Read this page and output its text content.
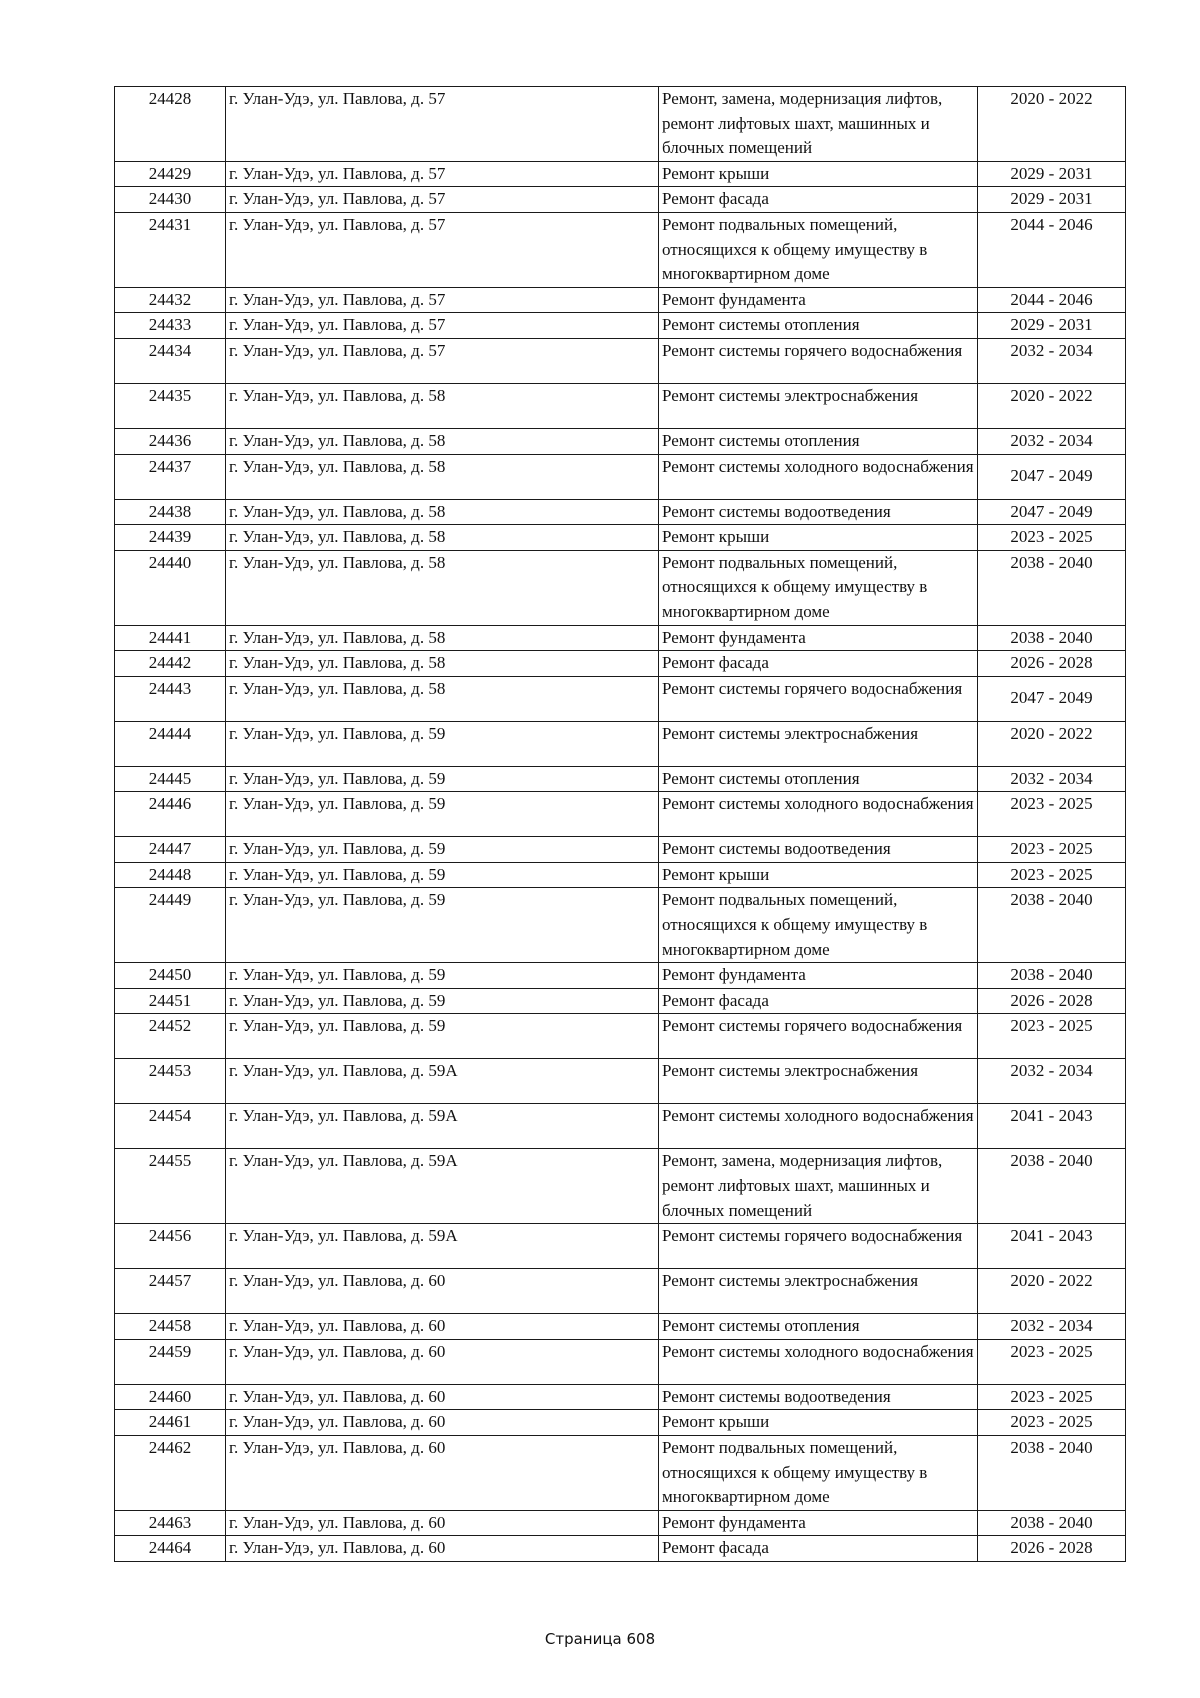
24428	г. Улан-Удэ, ул. Павлова, д. 57	Ремонт, замена, модернизация лифтов, ремонт лифтовых шахт, машинных и блочных помещений	2020 - 2022
24429	г. Улан-Удэ, ул. Павлова, д. 57	Ремонт крыши	2029 - 2031
24430	г. Улан-Удэ, ул. Павлова, д. 57	Ремонт фасада	2029 - 2031
24431	г. Улан-Удэ, ул. Павлова, д. 57	Ремонт подвальных помещений, относящихся к общему имуществу в многоквартирном доме	2044 - 2046
24432	г. Улан-Удэ, ул. Павлова, д. 57	Ремонт фундамента	2044 - 2046
24433	г. Улан-Удэ, ул. Павлова, д. 57	Ремонт системы отопления	2029 - 2031
24434	г. Улан-Удэ, ул. Павлова, д. 57	Ремонт системы горячего водоснабжения	2032 - 2034
24435	г. Улан-Удэ, ул. Павлова, д. 58	Ремонт системы электроснабжения	2020 - 2022
24436	г. Улан-Удэ, ул. Павлова, д. 58	Ремонт системы отопления	2032 - 2034
24437	г. Улан-Удэ, ул. Павлова, д. 58	Ремонт системы холодного водоснабжения	2047 - 2049
24438	г. Улан-Удэ, ул. Павлова, д. 58	Ремонт системы водоотведения	2047 - 2049
24439	г. Улан-Удэ, ул. Павлова, д. 58	Ремонт крыши	2023 - 2025
24440	г. Улан-Удэ, ул. Павлова, д. 58	Ремонт подвальных помещений, относящихся к общему имуществу в многоквартирном доме	2038 - 2040
24441	г. Улан-Удэ, ул. Павлова, д. 58	Ремонт фундамента	2038 - 2040
24442	г. Улан-Удэ, ул. Павлова, д. 58	Ремонт фасада	2026 - 2028
24443	г. Улан-Удэ, ул. Павлова, д. 58	Ремонт системы горячего водоснабжения	2047 - 2049
24444	г. Улан-Удэ, ул. Павлова, д. 59	Ремонт системы электроснабжения	2020 - 2022
24445	г. Улан-Удэ, ул. Павлова, д. 59	Ремонт системы отопления	2032 - 2034
24446	г. Улан-Удэ, ул. Павлова, д. 59	Ремонт системы холодного водоснабжения	2023 - 2025
24447	г. Улан-Удэ, ул. Павлова, д. 59	Ремонт системы водоотведения	2023 - 2025
24448	г. Улан-Удэ, ул. Павлова, д. 59	Ремонт крыши	2023 - 2025
24449	г. Улан-Удэ, ул. Павлова, д. 59	Ремонт подвальных помещений, относящихся к общему имуществу в многоквартирном доме	2038 - 2040
24450	г. Улан-Удэ, ул. Павлова, д. 59	Ремонт фундамента	2038 - 2040
24451	г. Улан-Удэ, ул. Павлова, д. 59	Ремонт фасада	2026 - 2028
24452	г. Улан-Удэ, ул. Павлова, д. 59	Ремонт системы горячего водоснабжения	2023 - 2025
24453	г. Улан-Удэ, ул. Павлова, д. 59А	Ремонт системы электроснабжения	2032 - 2034
24454	г. Улан-Удэ, ул. Павлова, д. 59А	Ремонт системы холодного водоснабжения	2041 - 2043
24455	г. Улан-Удэ, ул. Павлова, д. 59А	Ремонт, замена, модернизация лифтов, ремонт лифтовых шахт, машинных и блочных помещений	2038 - 2040
24456	г. Улан-Удэ, ул. Павлова, д. 59А	Ремонт системы горячего водоснабжения	2041 - 2043
24457	г. Улан-Удэ, ул. Павлова, д. 60	Ремонт системы электроснабжения	2020 - 2022
24458	г. Улан-Удэ, ул. Павлова, д. 60	Ремонт системы отопления	2032 - 2034
24459	г. Улан-Удэ, ул. Павлова, д. 60	Ремонт системы холодного водоснабжения	2023 - 2025
24460	г. Улан-Удэ, ул. Павлова, д. 60	Ремонт системы водоотведения	2023 - 2025
24461	г. Улан-Удэ, ул. Павлова, д. 60	Ремонт крыши	2023 - 2025
24462	г. Улан-Удэ, ул. Павлова, д. 60	Ремонт подвальных помещений, относящихся к общему имуществу в многоквартирном доме	2038 - 2040
24463	г. Улан-Удэ, ул. Павлова, д. 60	Ремонт фундамента	2038 - 2040
24464	г. Улан-Удэ, ул. Павлова, д. 60	Ремонт фасада	2026 - 2028
Страница 608
